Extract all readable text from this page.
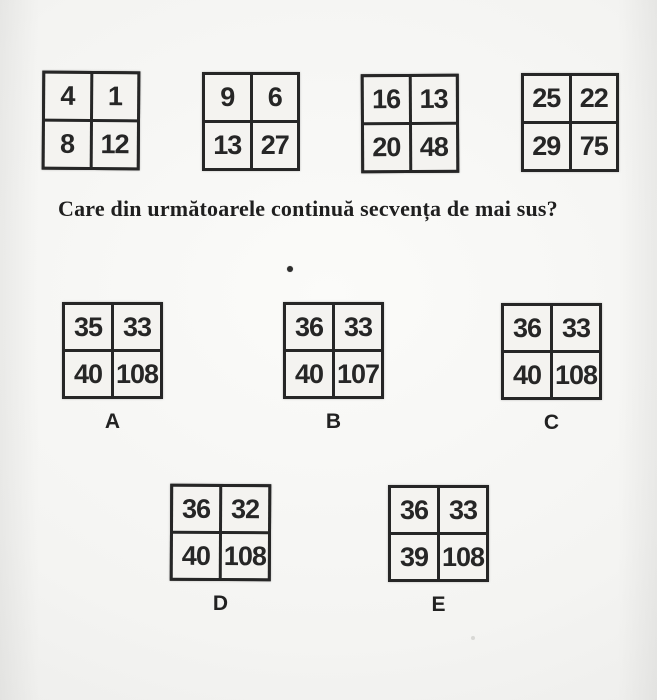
4	1
8 12
9	6
13 27
16 13
20 48
25 22
29 75
Care din următoarele continuă secvența de mai sus?
35 33
40 108
A
36 33
40 107
B
36 33
40 108
C
36 32
40 108
D
36 33
39 108
E
